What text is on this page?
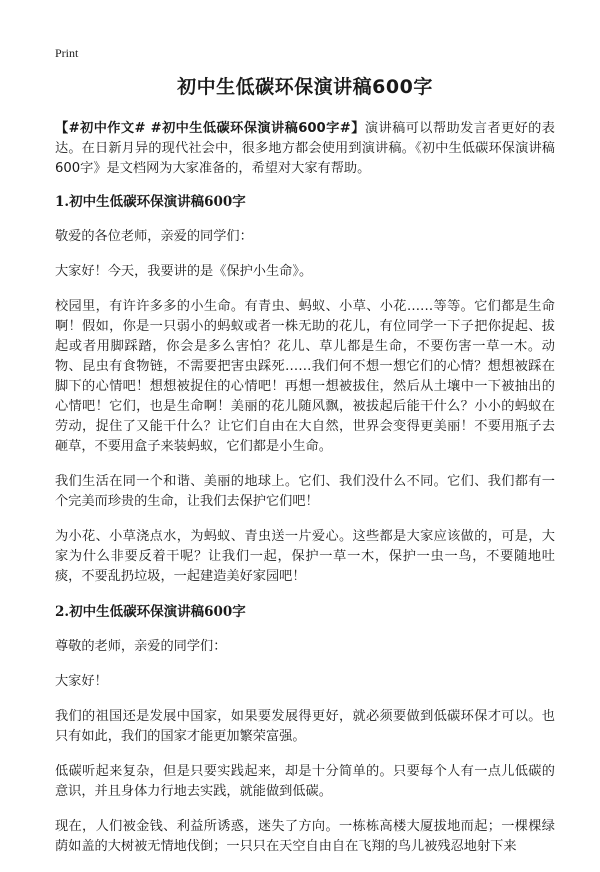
Print
初中生低碳环保演讲稿600字

【#初中作文# #初中生低碳环保演讲稿600字#】演讲稿可以帮助发言者更好的表达。在日新月异的现代社会中，很多地方都会使用到演讲稿。《初中生低碳环保演讲稿600字》是文档网为大家准备的，希望对大家有帮助。

1.初中生低碳环保演讲稿600字

敬爱的各位老师，亲爱的同学们：

大家好！今天，我要讲的是《保护小生命》。

校园里，有许许多多的小生命。有青虫、蚂蚁、小草、小花……等等。它们都是生命啊！假如，你是一只弱小的蚂蚁或者一株无助的花儿，有位同学一下子把你捉起、拔起或者用脚踩踏，你会是多么害怕？花儿、草儿都是生命，不要伤害一草一木。动物、昆虫有食物链，不需要把害虫踩死……我们何不想一想它们的心情？想想被踩在脚下的心情吧！想想被捉住的心情吧！再想一想被拔住，然后从土壤中一下被抽出的心情吧！它们，也是生命啊！美丽的花儿随风飘，被拔起后能干什么？小小的蚂蚁在劳动，捉住了又能干什么？让它们自由在大自然，世界会变得更美丽！不要用瓶子去砸草，不要用盒子来装蚂蚁，它们都是小生命。

我们生活在同一个和谐、美丽的地球上。它们、我们没什么不同。它们、我们都有一个完美而珍贵的生命，让我们去保护它们吧！

为小花、小草浇点水，为蚂蚁、青虫送一片爱心。这些都是大家应该做的，可是，大家为什么非要反着干呢？让我们一起，保护一草一木，保护一虫一鸟，不要随地吐痰，不要乱扔垃圾，一起建造美好家园吧！

2.初中生低碳环保演讲稿600字

尊敬的老师，亲爱的同学们：

大家好！

我们的祖国还是发展中国家，如果要发展得更好，就必须要做到低碳环保才可以。也只有如此，我们的国家才能更加繁荣富强。

低碳听起来复杂，但是只要实践起来，却是十分简单的。只要每个人有一点儿低碳的意识，并且身体力行地去实践，就能做到低碳。

现在，人们被金钱、利益所诱惑，迷失了方向。一栋栋高楼大厦拔地而起；一棵棵绿荫如盖的大树被无情地伐倒；一只只在天空自由自在飞翔的鸟儿被残忍地射下来
